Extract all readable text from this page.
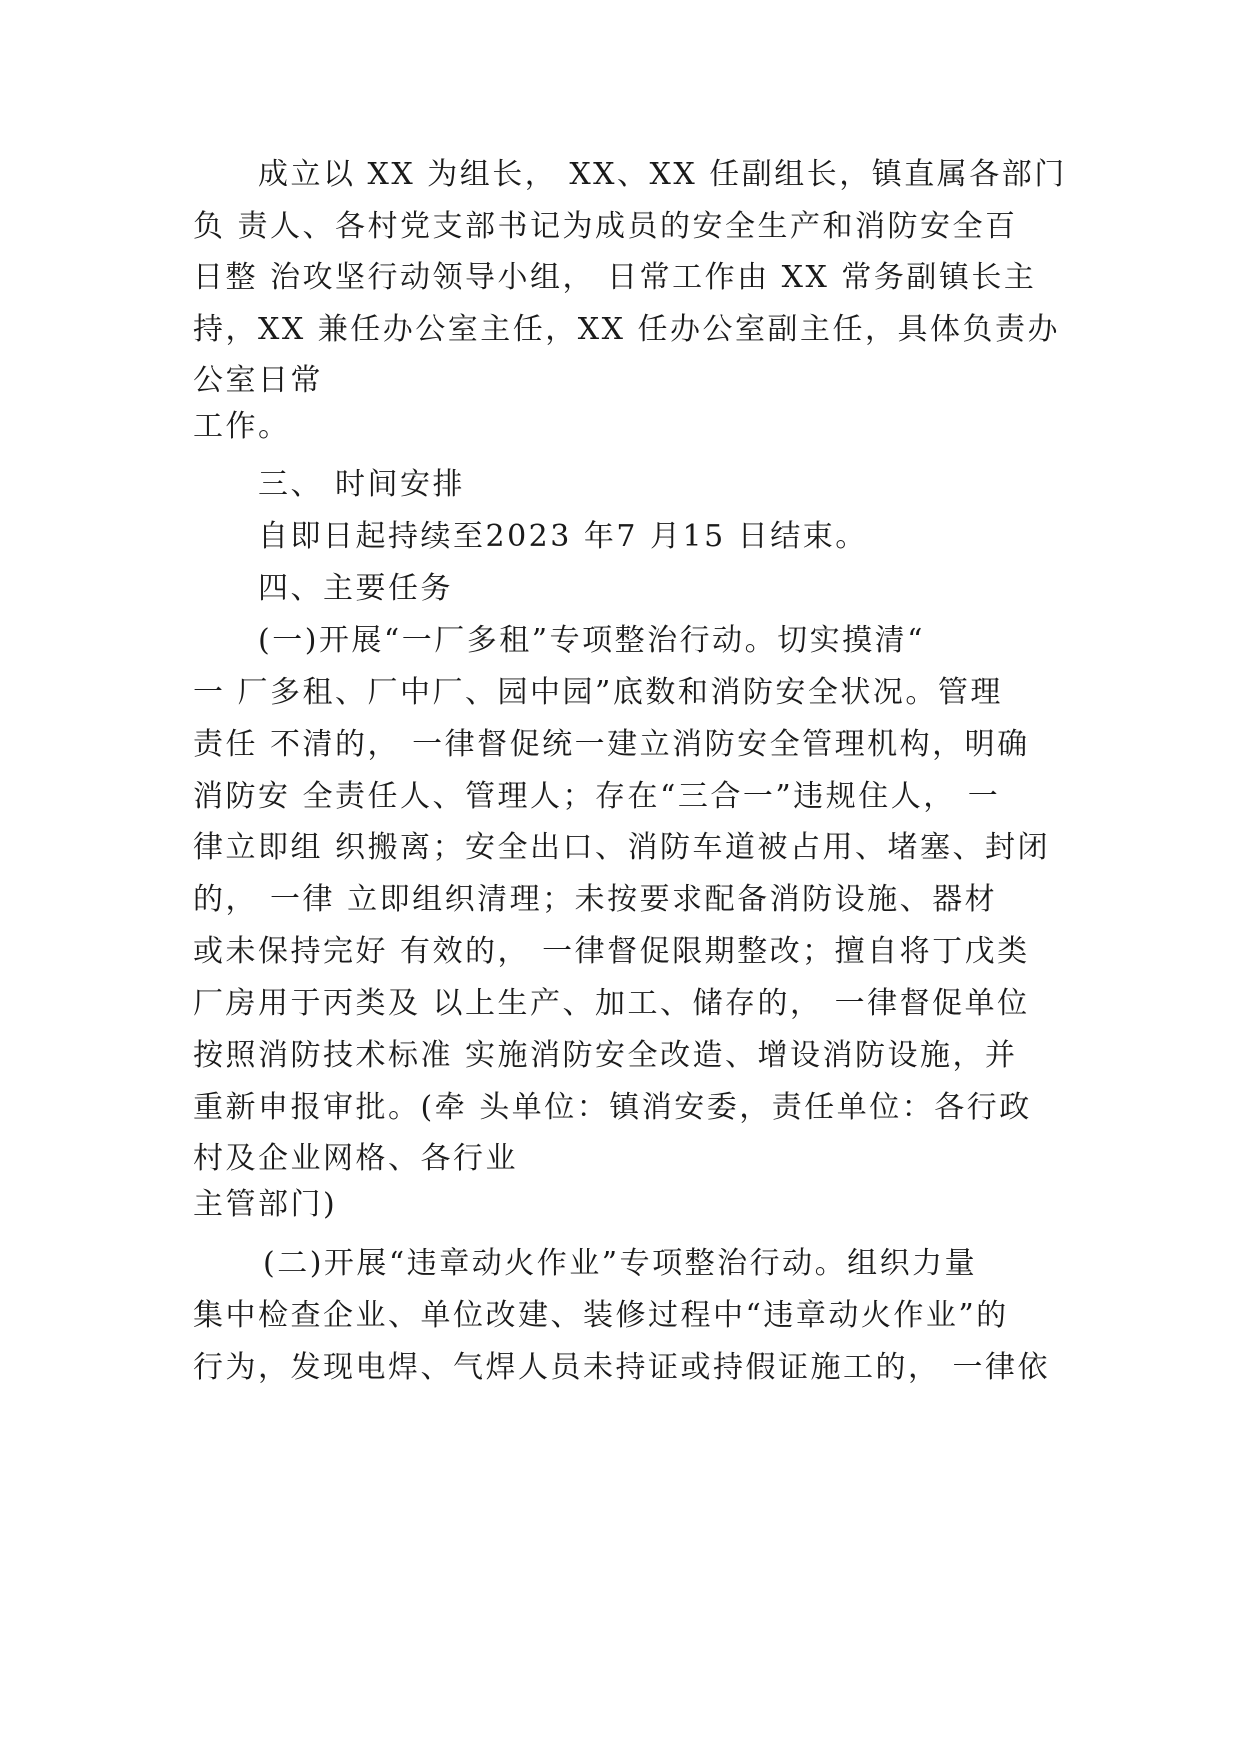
成立以 XX 为组长， XX、XX 任副组长，镇直属各部门
负 责人、各村党支部书记为成员的安全生产和消防安全百
日整 治攻坚行动领导小组， 日常工作由 XX 常务副镇长主
持，XX 兼任办公室主任，XX 任办公室副主任，具体负责办
公室日常
工作。
三、 时间安排
自即日起持续至2023 年7 月15 日结束。
四、主要任务
(一)开展“一厂多租”专项整治行动。切实摸清“
一 厂多租、厂中厂、园中园”底数和消防安全状况。管理
责任 不清的， 一律督促统一建立消防安全管理机构，明确
消防安 全责任人、管理人；存在“三合一”违规住人， 一
律立即组 织搬离；安全出口、消防车道被占用、堵塞、封闭
的， 一律 立即组织清理；未按要求配备消防设施、器材
或未保持完好 有效的， 一律督促限期整改；擅自将丁戊类
厂房用于丙类及 以上生产、加工、储存的， 一律督促单位
按照消防技术标准 实施消防安全改造、增设消防设施，并
重新申报审批。(牵 头单位：镇消安委，责任单位：各行政
村及企业网格、各行业
主管部门)
(二)开展“违章动火作业”专项整治行动。组织力量
集中检查企业、单位改建、装修过程中“违章动火作业”的
行为，发现电焊、气焊人员未持证或持假证施工的， 一律依
